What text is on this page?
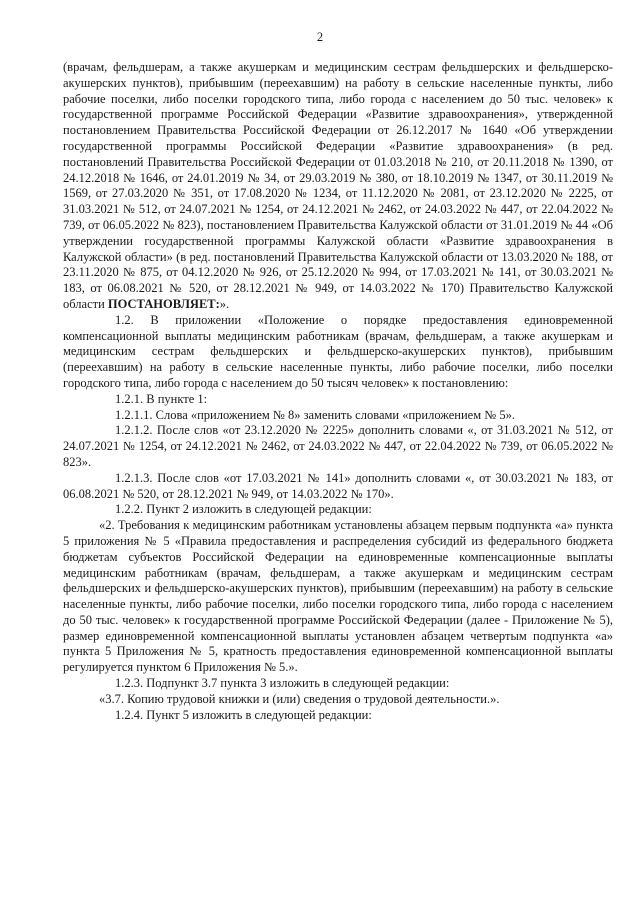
2

(врачам, фельдшерам, а также акушеркам и медицинским сестрам фельдшерских и фельдшерско-акушерских пунктов), прибывшим (переехавшим) на работу в сельские населенные пункты, либо рабочие поселки, либо поселки городского типа, либо города с населением до 50 тыс. человек» к государственной программе Российской Федерации «Развитие здравоохранения», утвержденной постановлением Правительства Российской Федерации от 26.12.2017 № 1640 «Об утверждении государственной программы Российской Федерации «Развитие здравоохранения» (в ред. постановлений Правительства Российской Федерации от 01.03.2018 № 210, от 20.11.2018 № 1390, от 24.12.2018 № 1646, от 24.01.2019 № 34, от 29.03.2019 № 380, от 18.10.2019 № 1347, от 30.11.2019 № 1569, от 27.03.2020 № 351, от 17.08.2020 № 1234, от 11.12.2020 № 2081, от 23.12.2020 № 2225, от 31.03.2021 № 512, от 24.07.2021 № 1254, от 24.12.2021 № 2462, от 24.03.2022 № 447, от 22.04.2022 № 739, от 06.05.2022 № 823), постановлением Правительства Калужской области от 31.01.2019 № 44 «Об утверждении государственной программы Калужской области «Развитие здравоохранения в Калужской области» (в ред. постановлений Правительства Калужской области от 13.03.2020 № 188, от 23.11.2020 № 875, от 04.12.2020 № 926, от 25.12.2020 № 994, от 17.03.2021 № 141, от 30.03.2021 № 183, от 06.08.2021 № 520, от 28.12.2021 № 949, от 14.03.2022 № 170) Правительство Калужской области ПОСТАНОВЛЯЕТ:».

1.2. В приложении «Положение о порядке предоставления единовременной компенсационной выплаты медицинским работникам (врачам, фельдшерам, а также акушеркам и медицинским сестрам фельдшерских и фельдшерско-акушерских пунктов), прибывшим (переехавшим) на работу в сельские населенные пункты, либо рабочие поселки, либо поселки городского типа, либо города с населением до 50 тысяч человек» к постановлению:

1.2.1. В пункте 1:

1.2.1.1. Слова «приложением № 8» заменить словами «приложением № 5».

1.2.1.2. После слов «от 23.12.2020 № 2225» дополнить словами «, от 31.03.2021 № 512, от 24.07.2021 № 1254, от 24.12.2021 № 2462, от 24.03.2022 № 447, от 22.04.2022 № 739, от 06.05.2022 № 823».

1.2.1.3. После слов «от 17.03.2021 № 141» дополнить словами «, от 30.03.2021 № 183, от 06.08.2021 № 520, от 28.12.2021 № 949, от 14.03.2022 № 170».

1.2.2. Пункт 2 изложить в следующей редакции:

«2. Требования к медицинским работникам установлены абзацем первым подпункта «а» пункта 5 приложения № 5 «Правила предоставления и распределения субсидий из федерального бюджета бюджетам субъектов Российской Федерации на единовременные компенсационные выплаты медицинским работникам (врачам, фельдшерам, а также акушеркам и медицинским сестрам фельдшерских и фельдшерско-акушерских пунктов), прибывшим (переехавшим) на работу в сельские населенные пункты, либо рабочие поселки, либо поселки городского типа, либо города с населением до 50 тыс. человек» к государственной программе Российской Федерации (далее - Приложение № 5), размер единовременной компенсационной выплаты установлен абзацем четвертым подпункта «а» пункта 5 Приложения № 5, кратность предоставления единовременной компенсационной выплаты регулируется пунктом 6 Приложения № 5.».

1.2.3. Подпункт 3.7 пункта 3 изложить в следующей редакции:

«3.7. Копию трудовой книжки и (или) сведения о трудовой деятельности.».

1.2.4. Пункт 5 изложить в следующей редакции:
